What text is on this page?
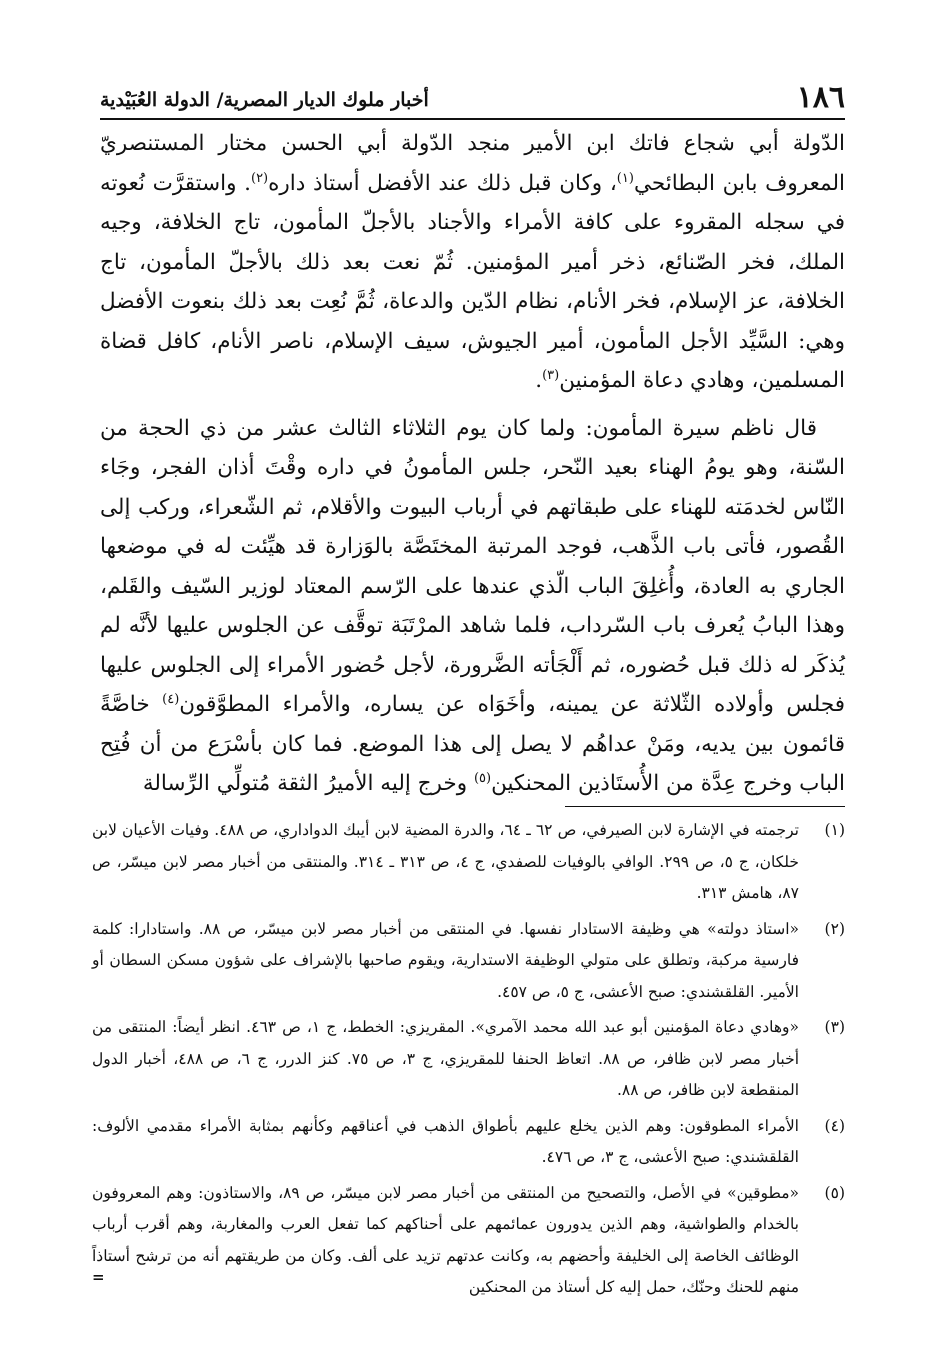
١٨٦
أخبار ملوك الديار المصرية/ الدولة العُبَيْدية

الدّولة أبي شجاع فاتك ابن الأمير منجد الدّولة أبي الحسن مختار المستنصريّ المعروف بابن البطائحي$^{(١)}$، وكان قبل ذلك عند الأفضل أستاذ داره$^{(٢)}$. واستقرَّت نُعوته في سجله المقروء على كافة الأمراء والأجناد بالأجلّ المأمون، تاج الخلافة، وجيه الملك، فخر الصّنائع، ذخر أمير المؤمنين. ثُمّ نعت بعد ذلك بالأجلّ المأمون، تاج الخلافة، عز الإسلام، فخر الأنام، نظام الدّين والدعاة، ثُمَّ نُعِت بعد ذلك بنعوت الأفضل وهي: السَّيِّد الأجل المأمون، أمير الجيوش، سيف الإسلام، ناصر الأنام، كافل قضاة المسلمين، وهادي دعاة المؤمنين$^{(٣)}$.

قال ناظم سيرة المأمون: ولما كان يوم الثلاثاء الثالث عشر من ذي الحجة من السّنة، وهو يومُ الهناء بعيد النّحر، جلس المأمونُ في داره وقْتَ أذان الفجر، وجَاء النّاس لخدمَته للهناء على طبقاتهم في أرباب البيوت والأقلام، ثم الشّعراء، وركب إلى القُصور، فأتى باب الذَّهب، فوجد المرتبة المختَصَّة بالوَزارة قد هيِّئت له في موضعها الجاري به العادة، وأُغلِقَ الباب الّذي عندها على الرّسم المعتاد لوزير السّيف والقَلم، وهذا البابُ يُعرف باب السّرداب، فلما شاهد المرْتَبَة توقَّف عن الجلوس عليها لأنَّه لم يُذكَر له ذلك قبل حُضوره، ثم أَلْجَأته الضَّرورة، لأجل حُضور الأمراء إلى الجلوس عليها فجلس وأولاده الثّلاثة عن يمينه، وأخَوَاه عن يساره، والأمراء المطوَّقون$^{(٤)}$ خاصَّةً قائمون بين يديه، ومَنْ عداهُم لا يصل إلى هذا الموضع. فما كان بأسْرَع من أن فُتِح الباب وخرج عِدَّة من الأُستَاذين المحنكين$^{(٥)}$ وخرج إليه الأميرُ الثقة مُتولِّي الرِّسالة

(١)
ترجمته في الإشارة لابن الصيرفي، ص ٦٢ ـ ٦٤، والدرة المضية لابن أيبك الدواداري، ص ٤٨٨. وفيات الأعيان لابن خلكان، ج ٥، ص ٢٩٩. الوافي بالوفيات للصفدي، ج ٤، ص ٣١٣ ـ ٣١٤. والمنتقى من أخبار مصر لابن ميسّر، ص ٨٧، هامش ٣١٣.
(٢)
«استاذ دولته» هي وظيفة الاستادار نفسها. في المنتقى من أخبار مصر لابن ميسّر، ص ٨٨. واستادارا: كلمة فارسية مركبة، وتطلق على متولي الوظيفة الاستدارية، ويقوم صاحبها بالإشراف على شؤون مسكن السطان أو الأمير. القلقشندي: صبح الأعشى، ج ٥، ص ٤٥٧.
(٣)
«وهادي دعاة المؤمنين أبو عبد الله محمد الآمري». المقريزي: الخطط، ج ١، ص ٤٦٣. انظر أيضاً: المنتقى من أخبار مصر لابن ظافر، ص ٨٨. اتعاظ الحنفا للمقريزي، ج ٣، ص ٧٥. كنز الدرر، ج ٦، ص ٤٨٨، أخبار الدول المنقطعة لابن ظافر، ص ٨٨.
(٤)
الأمراء المطوقون: وهم الذين يخلع عليهم بأطواق الذهب في أعناقهم وكأنهم بمثابة الأمراء مقدمي الألوف: القلقشندي: صبح الأعشى، ج ٣، ص ٤٧٦.
(٥)
«مطوقين» في الأصل، والتصحيح من المنتقى من أخبار مصر لابن ميسّر، ص ٨٩، والاستاذون: وهم المعروفون بالخدام والطواشية، وهم الذين يدورون عمائمهم على أحناكهم كما تفعل العرب والمغاربة، وهم أقرب أرباب الوظائف الخاصة إلى الخليفة وأحضهم به، وكانت عدتهم تزيد على ألف. وكان من طريقتهم أنه من ترشح أستاذاً منهم للحنك وحنّك، حمل إليه كل أستاذ من المحنكين
=
